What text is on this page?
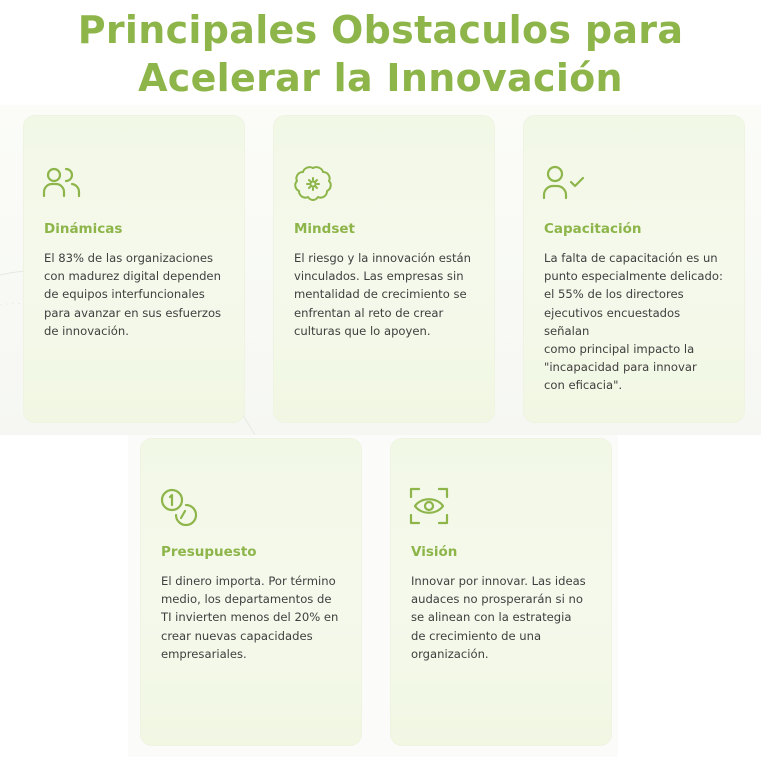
Principales Obstaculos para
Acelerar la Innovación
Dinámicas
El 83% de las organizaciones
con madurez digital dependen
de equipos interfuncionales
para avanzar en sus esfuerzos
de innovación.
Mindset
El riesgo y la innovación están
vinculados. Las empresas sin
mentalidad de crecimiento se
enfrentan al reto de crear
culturas que lo apoyen.
Capacitación
La falta de capacitación es un
punto especialmente delicado:
el 55% de los directores
ejecutivos encuestados señalan
como principal impacto la
"incapacidad para innovar
con eficacia".
Presupuesto
El dinero importa. Por término
medio, los departamentos de
TI invierten menos del 20% en
crear nuevas capacidades
empresariales.
Visión
Innovar por innovar. Las ideas
audaces no prosperarán si no
se alinean con la estrategia
de crecimiento de una
organización.
